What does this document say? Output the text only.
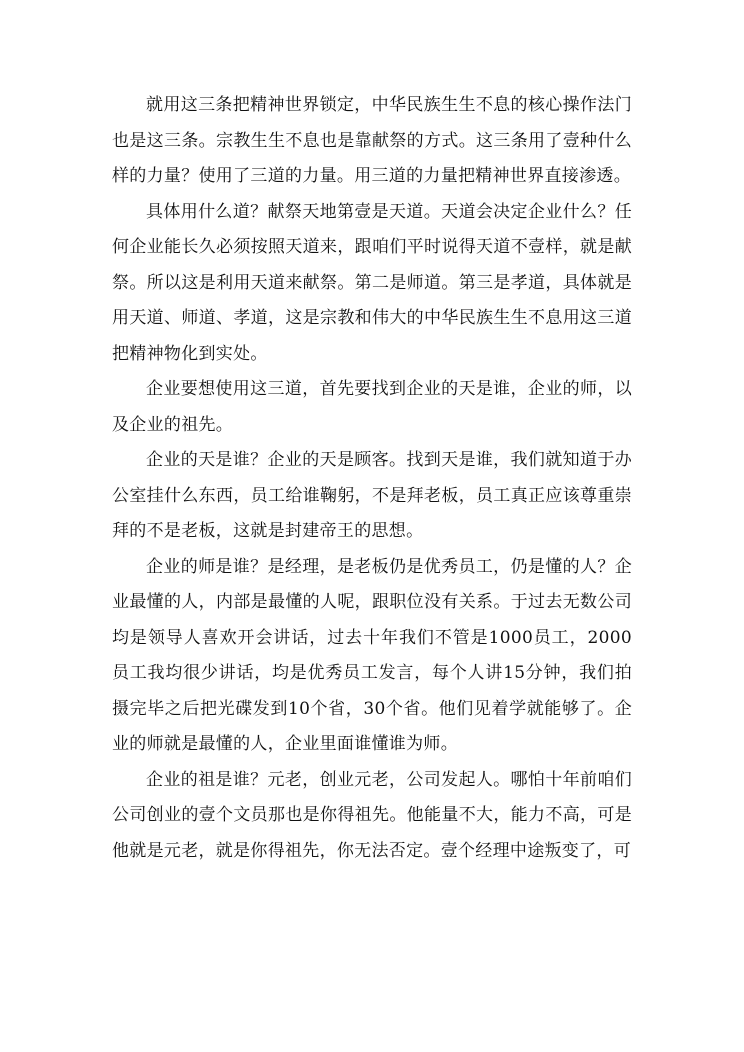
就用这三条把精神世界锁定，中华民族生生不息的核心操作法门也是这三条。宗教生生不息也是靠献祭的方式。这三条用了壹种什么样的力量？使用了三道的力量。用三道的力量把精神世界直接渗透。

具体用什么道？献祭天地第壹是天道。天道会决定企业什么？任何企业能长久必须按照天道来，跟咱们平时说得天道不壹样，就是献祭。所以这是利用天道来献祭。第二是师道。第三是孝道，具体就是用天道、师道、孝道，这是宗教和伟大的中华民族生生不息用这三道把精神物化到实处。

企业要想使用这三道，首先要找到企业的天是谁，企业的师，以及企业的祖先。

企业的天是谁？企业的天是顾客。找到天是谁，我们就知道于办公室挂什么东西，员工给谁鞠躬，不是拜老板，员工真正应该尊重崇拜的不是老板，这就是封建帝王的思想。

企业的师是谁？是经理，是老板仍是优秀员工，仍是懂的人？企业最懂的人，内部是最懂的人呢，跟职位没有关系。于过去无数公司均是领导人喜欢开会讲话，过去十年我们不管是1000员工，2000员工我均很少讲话，均是优秀员工发言，每个人讲15分钟，我们拍摄完毕之后把光碟发到10个省，30个省。他们见着学就能够了。企业的师就是最懂的人，企业里面谁懂谁为师。

企业的祖是谁？元老，创业元老，公司发起人。哪怕十年前咱们公司创业的壹个文员那也是你得祖先。他能量不大，能力不高，可是他就是元老，就是你得祖先，你无法否定。壹个经理中途叛变了，可
